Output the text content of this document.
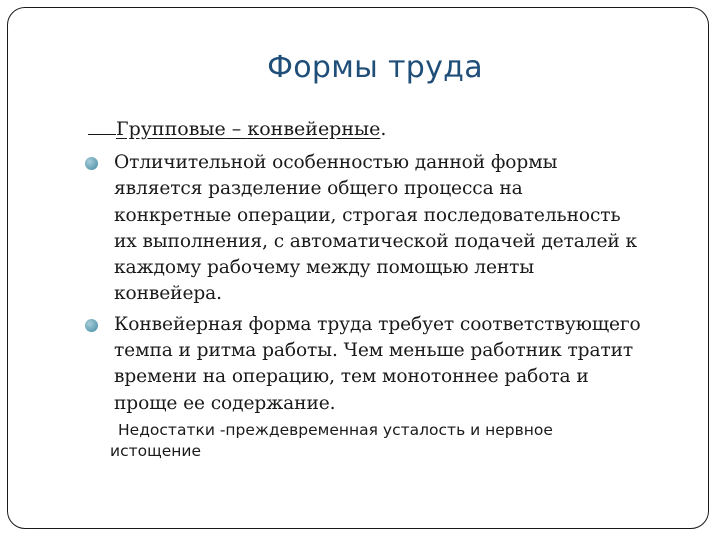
Формы труда
Групповые – конвейерные.
Отличительной особенностью данной формы является разделение общего процесса на конкретные операции, строгая последовательность их выполнения, с автоматической подачей деталей к каждому рабочему между помощью ленты конвейера.
Конвейерная форма труда требует соответствующего темпа и ритма работы. Чем меньше работник тратит времени на операцию, тем монотоннее работа и проще ее содержание.
Недостатки -преждевременная усталость и нервное истощение
